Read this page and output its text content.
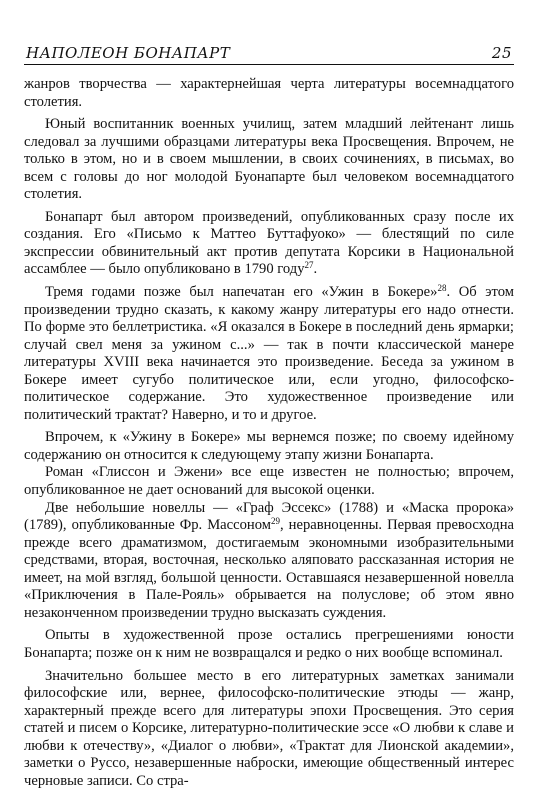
НАПОЛЕОН БОНАПАРТ	25

жанров творчества — характернейшая черта литературы восемнадцатого столетия.

Юный воспитанник военных училищ, затем младший лейтенант лишь следовал за лучшими образцами литературы века Просвещения. Впрочем, не только в этом, но и в своем мышлении, в своих сочинениях, в письмах, во всем с головы до ног молодой Буонапарте был человеком восемнадцатого столетия.

Бонапарт был автором произведений, опубликованных сразу после их создания. Его «Письмо к Маттео Буттафуоко» — блестящий по силе экспрессии обвинительный акт против депутата Корсики в Национальной ассамблее — было опубликовано в 1790 году$^{27}$.

Тремя годами позже был напечатан его «Ужин в Бокере»$^{28}$. Об этом произведении трудно сказать, к какому жанру литературы его надо отнести. По форме это беллетристика. «Я оказался в Бокере в последний день ярмарки; случай свел меня за ужином с...» — так в почти классической манере литературы XVIII века начинается это произведение. Беседа за ужином в Бокере имеет сугубо политическое или, если угодно, философско-политическое содержание. Это художественное произведение или политический трактат? Наверно, и то и другое.

Впрочем, к «Ужину в Бокере» мы вернемся позже; по своему идейному содержанию он относится к следующему этапу жизни Бонапарта.

Роман «Глиссон и Эжени» все еще известен не полностью; впрочем, опубликованное не дает оснований для высокой оценки.

Две небольшие новеллы — «Граф Эссекс» (1788) и «Маска пророка» (1789), опубликованные Фр. Массоном$^{29}$, неравноценны. Первая превосходна прежде всего драматизмом, достигаемым экономными изобразительными средствами, вторая, восточная, несколько аляповато рассказанная история не имеет, на мой взгляд, большой ценности. Оставшаяся незавершенной новелла «Приключения в Пале-Рояль» обрывается на полуслове; об этом явно незаконченном произведении трудно высказать суждения.

Опыты в художественной прозе остались прегрешениями юности Бонапарта; позже он к ним не возвращался и редко о них вообще вспоминал.

Значительно большее место в его литературных заметках занимали философские или, вернее, философско-политические этюды — жанр, характерный прежде всего для литературы эпохи Просвещения. Это серия статей и писем о Корсике, литературно-политические эссе «О любви к славе и любви к отечеству», «Диалог о любви», «Трактат для Лионской академии», заметки о Руссо, незавершенные наброски, имеющие общественный интерес черновые записи. Со стра-
